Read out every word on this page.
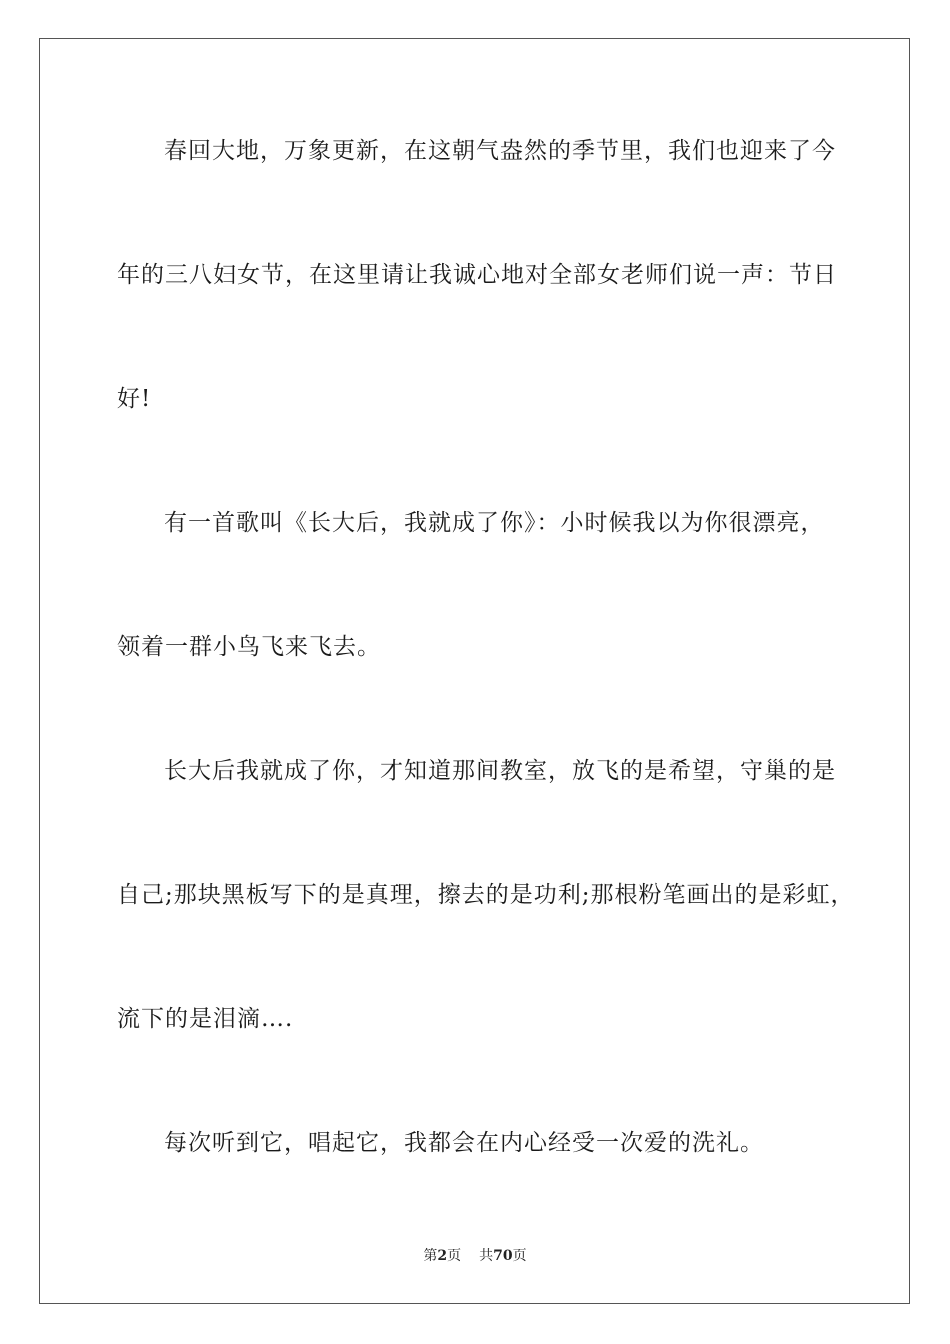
春回大地，万象更新，在这朝气盎然的季节里，我们也迎来了今
年的三八妇女节，在这里请让我诚心地对全部女老师们说一声：节日
好!
有一首歌叫《长大后，我就成了你》：小时候我以为你很漂亮，
领着一群小鸟飞来飞去。
长大后我就成了你，才知道那间教室，放飞的是希望，守巢的是
自己;那块黑板写下的是真理，擦去的是功利;那根粉笔画出的是彩虹，
流下的是泪滴….
每次听到它，唱起它，我都会在内心经受一次爱的洗礼。
第2页 共70页
